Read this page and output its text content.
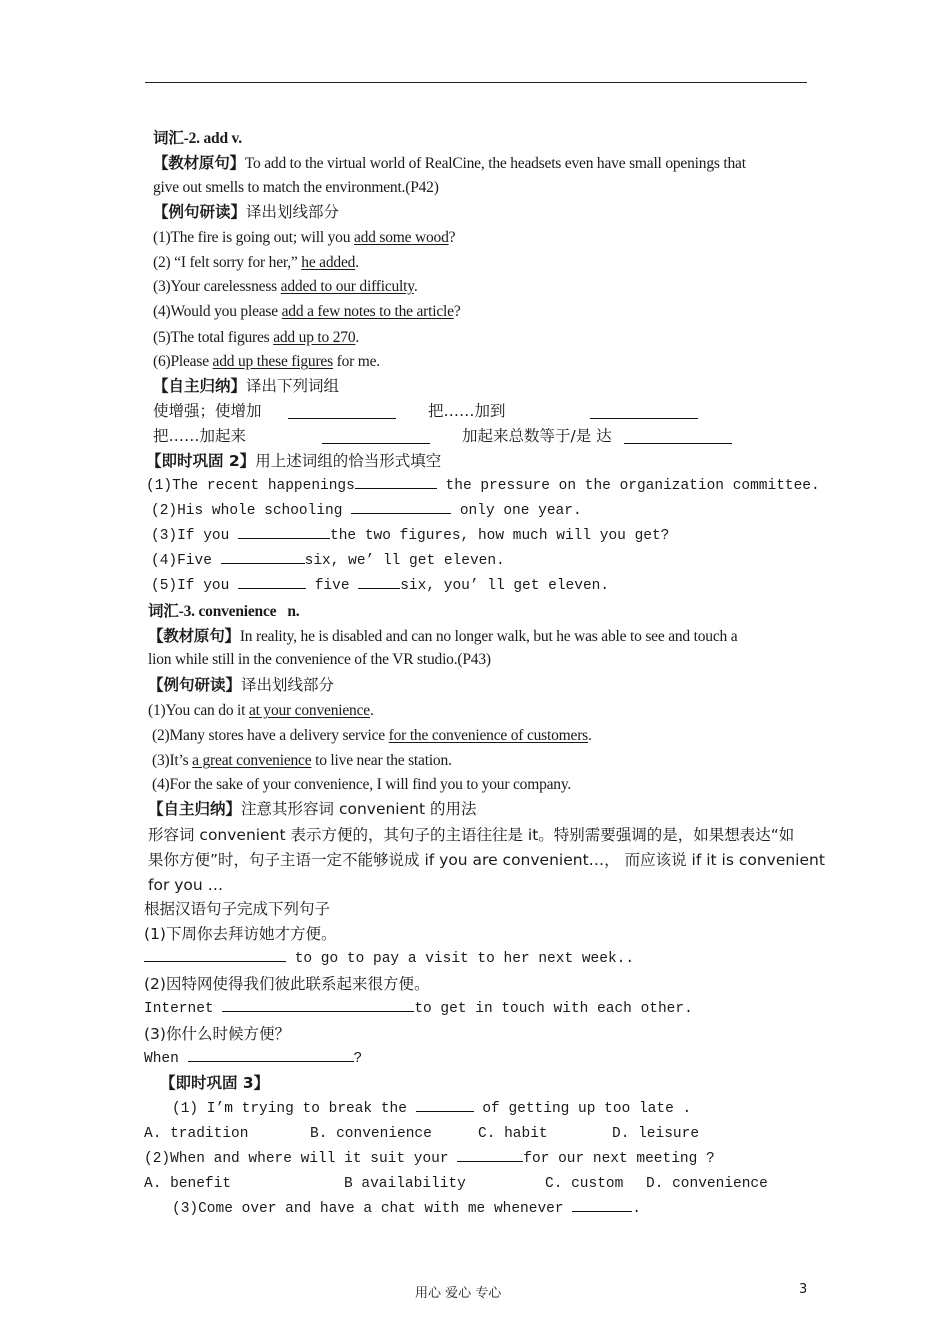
词汇-2. add v.
【教材原句】To add to the virtual world of RealCine, the headsets even have small openings that
give out smells to match the environment.(P42)
【例句研读】译出划线部分
(1)The fire is going out; will you add some wood?
(2) “I felt sorry for her,” he added.
(3)Your carelessness added to our difficulty.
(4)Would you please add a few notes to the article?
(5)The total figures add up to 270.
(6)Please add up these figures for me.
【自主归纳】译出下列词组
使增强；使增加	把……加到
把……加起来	加起来总数等于/是 达
【即时巩固 2】用上述词组的恰当形式填空
(1)The recent happenings	the pressure on the organization committee.
(2)His whole schooling	only one year.
(3)If you	the two figures, how much will you get?
(4)Five	six, we’ ll get eleven.
(5)If you	five	six, you’ ll get eleven.
词汇-3. convenience   n.
【教材原句】In reality, he is disabled and can no longer walk, but he was able to see and touch a
lion while still in the convenience of the VR studio.(P43)
【例句研读】译出划线部分
(1)You can do it at your convenience.
(2)Many stores have a delivery service for the convenience of customers.
(3)It’s a great convenience to live near the station.
(4)For the sake of your convenience, I will find you to your company.
【自主归纳】注意其形容词 convenient 的用法
形容词 convenient 表示方便的，其句子的主语往往是 it。特别需要强调的是，如果想表达“如
果你方便”时，句子主语一定不能够说成 if you are convenient…， 而应该说 if it is convenient
for you …
根据汉语句子完成下列句子
(1)下周你去拜访她才方便。
to go to pay a visit to her next week..
(2)因特网使得我们彼此联系起来很方便。
Internet	to get in touch with each other.
(3)你什么时候方便？
When	?
【即时巩固 3】
(1) I’m trying to break the	of getting up too late .
A. tradition	B. convenience	C. habit	D. leisure
(2)When and where will it suit your	for our next meeting ?
A. benefit	B availability	C. custom D. convenience
(3)Come over and have a chat with me whenever	.
用心 爱心 专心	3
